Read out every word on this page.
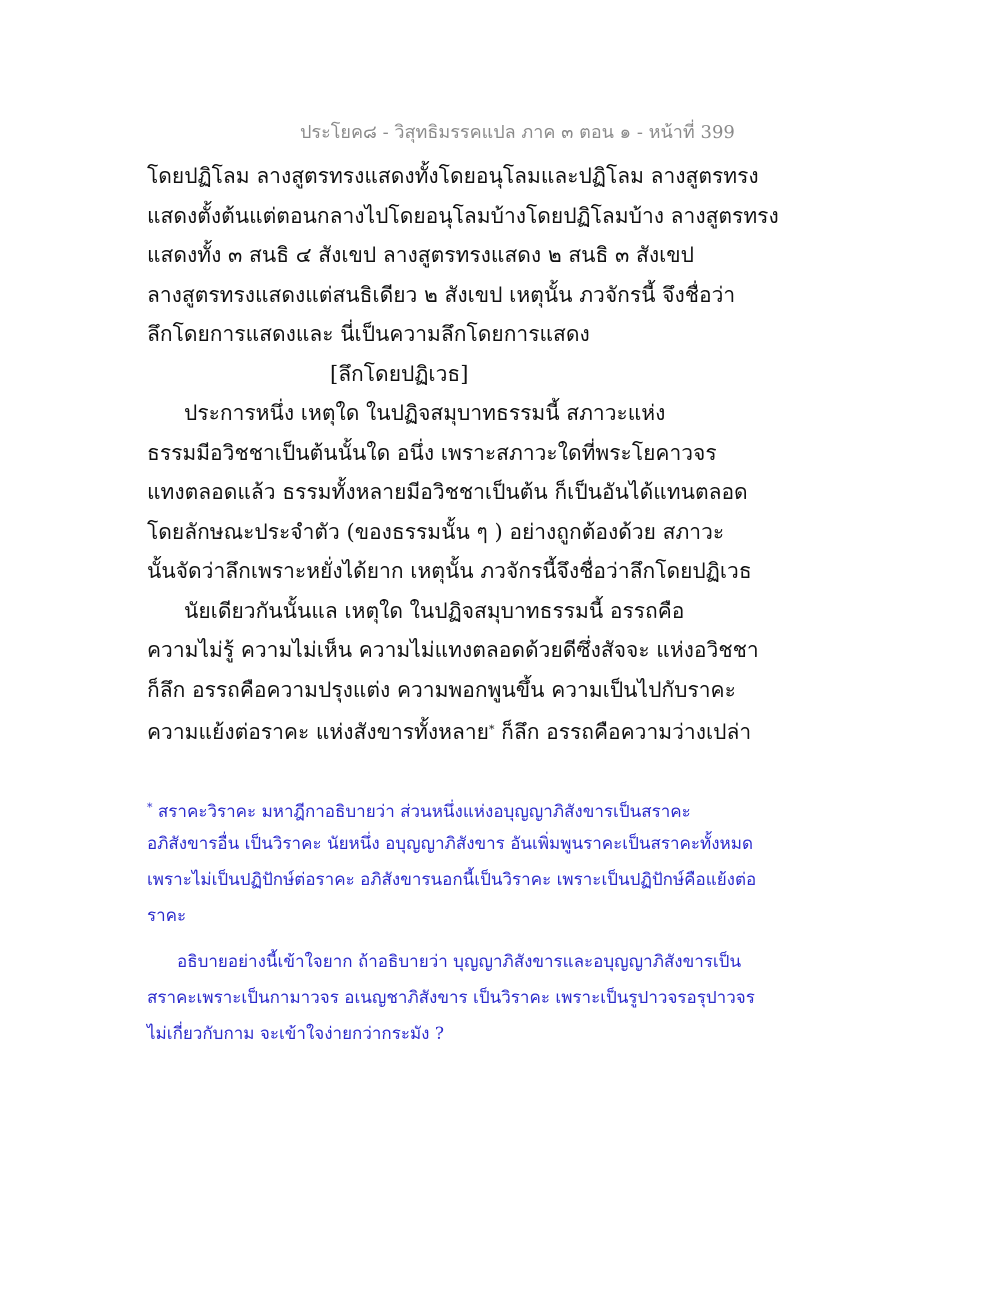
ประโยค๘ - วิสุทธิมรรคแปล ภาค ๓ ตอน ๑ - หน้าที่ 399
โดยปฏิโลม ลางสูตรทรงแสดงทั้งโดยอนุโลมและปฏิโลม ลางสูตรทรง
แสดงตั้งต้นแต่ตอนกลางไปโดยอนุโลมบ้างโดยปฏิโลมบ้าง ลางสูตรทรง
แสดงทั้ง ๓ สนธิ ๔ สังเขป ลางสูตรทรงแสดง ๒ สนธิ ๓ สังเขป
ลางสูตรทรงแสดงแต่สนธิเดียว ๒ สังเขป เหตุนั้น ภวจักรนี้ จึงชื่อว่า
ลึกโดยการแสดงและ นี่เป็นความลึกโดยการแสดง
[ลึกโดยปฏิเวธ]
ประการหนึ่ง เหตุใด ในปฏิจสมุบาทธรรมนี้ สภาวะแห่ง
ธรรมมีอวิชชาเป็นต้นนั้นใด อนึ่ง เพราะสภาวะใดที่พระโยคาวจร
แทงตลอดแล้ว ธรรมทั้งหลายมีอวิชชาเป็นต้น ก็เป็นอันได้แทนตลอด
โดยลักษณะประจำตัว (ของธรรมนั้น ๆ ) อย่างถูกต้องด้วย สภาวะ
นั้นจัดว่าลึกเพราะหยั่งได้ยาก เหตุนั้น ภวจักรนี้จึงชื่อว่าลึกโดยปฏิเวธ
นัยเดียวกันนั้นแล เหตุใด ในปฏิจสมุบาทธรรมนี้ อรรถคือ
ความไม่รู้ ความไม่เห็น ความไม่แทงตลอดด้วยดีซึ่งสัจจะ แห่งอวิชชา
ก็ลึก อรรถคือความปรุงแต่ง ความพอกพูนขึ้น ความเป็นไปกับราคะ
ความแย้งต่อราคะ แห่งสังขารทั้งหลาย* ก็ลึก อรรถคือความว่างเปล่า
* สราคะวิราคะ มหาฎีกาอธิบายว่า ส่วนหนึ่งแห่งอบุญญาภิสังขารเป็นสราคะ
อภิสังขารอื่น เป็นวิราคะ นัยหนึ่ง อบุญญาภิสังขาร อันเพิ่มพูนราคะเป็นสราคะทั้งหมด
เพราะไม่เป็นปฏิปักษ์ต่อราคะ อภิสังขารนอกนี้เป็นวิราคะ เพราะเป็นปฏิปักษ์คือแย้งต่อ
ราคะ
อธิบายอย่างนี้เข้าใจยาก ถ้าอธิบายว่า บุญญาภิสังขารและอบุญญาภิสังขารเป็น
สราคะเพราะเป็นกามาวจร อเนญชาภิสังขาร เป็นวิราคะ เพราะเป็นรูปาวจรอรุปาวจร
ไม่เกี่ยวกับกาม จะเข้าใจง่ายกว่ากระมัง ?
